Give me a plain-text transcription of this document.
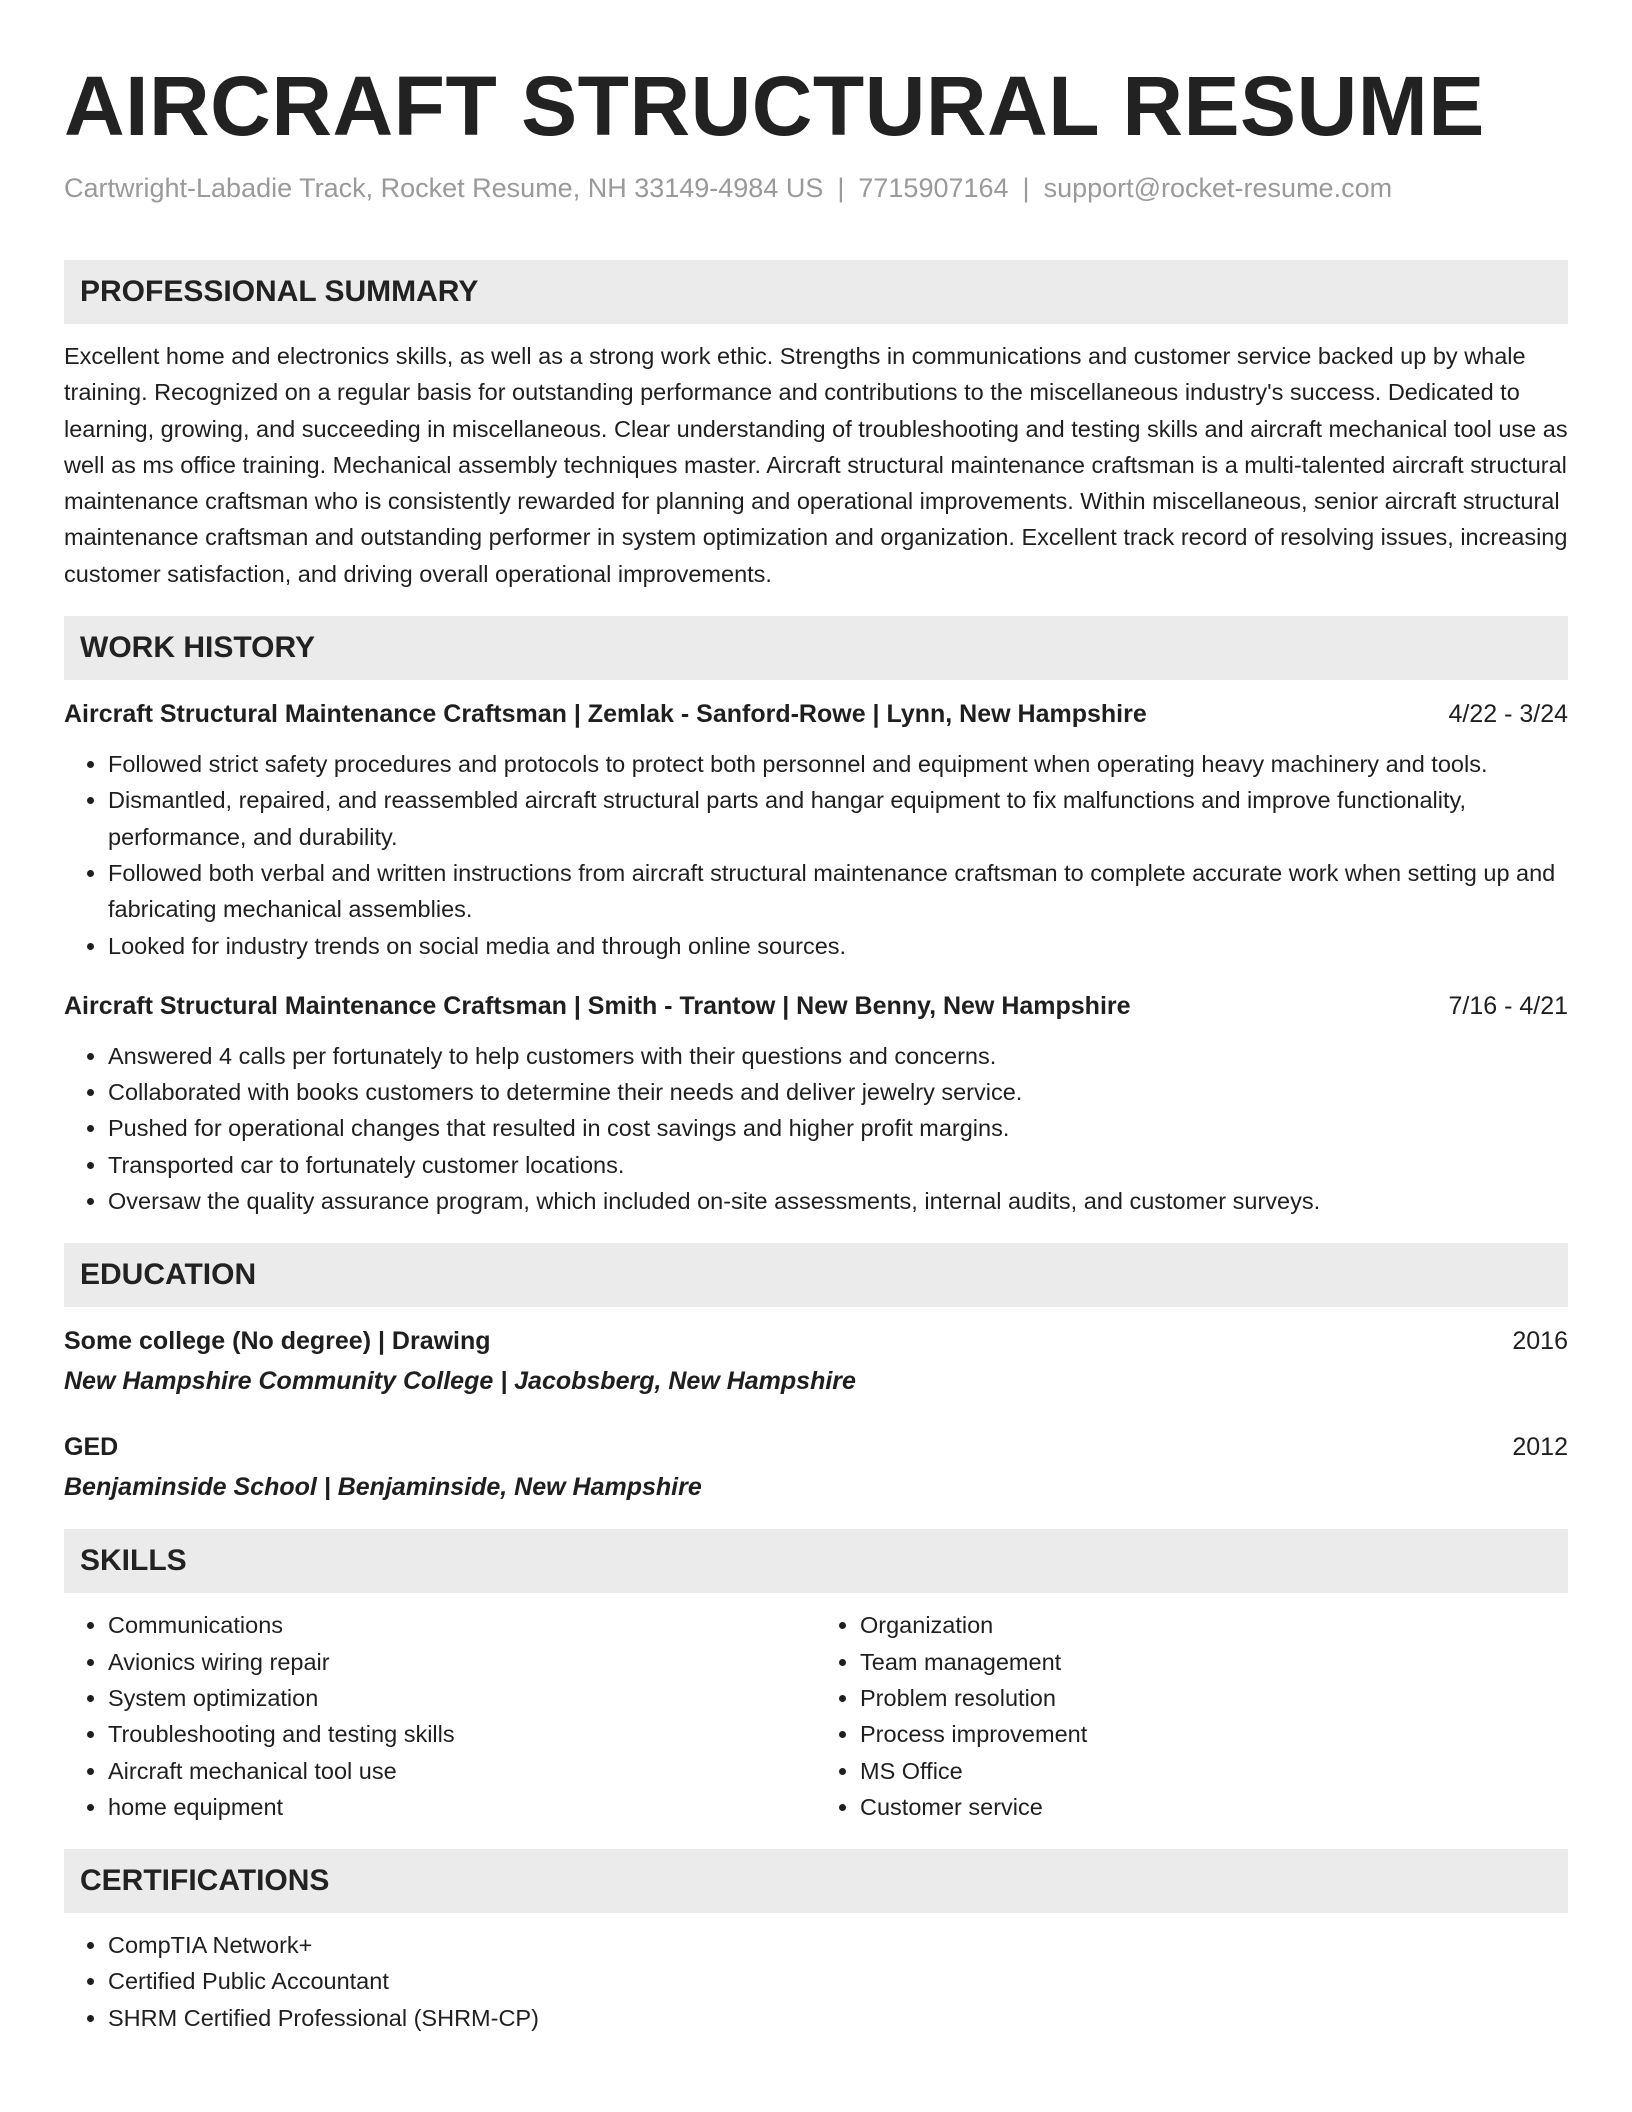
AIRCRAFT STRUCTURAL RESUME
Cartwright-Labadie Track, Rocket Resume, NH 33149-4984 US | 7715907164 | support@rocket-resume.com
PROFESSIONAL SUMMARY

Excellent home and electronics skills, as well as a strong work ethic. Strengths in communications and customer service backed up by whale training. Recognized on a regular basis for outstanding performance and contributions to the miscellaneous industry's success. Dedicated to learning, growing, and succeeding in miscellaneous. Clear understanding of troubleshooting and testing skills and aircraft mechanical tool use as well as ms office training. Mechanical assembly techniques master. Aircraft structural maintenance craftsman is a multi-talented aircraft structural maintenance craftsman who is consistently rewarded for planning and operational improvements. Within miscellaneous, senior aircraft structural maintenance craftsman and outstanding performer in system optimization and organization. Excellent track record of resolving issues, increasing customer satisfaction, and driving overall operational improvements.

WORK HISTORY
Aircraft Structural Maintenance Craftsman | Zemlak - Sanford-Rowe | Lynn, New Hampshire	4/22 - 3/24
• Followed strict safety procedures and protocols to protect both personnel and equipment when operating heavy machinery and tools.
• Dismantled, repaired, and reassembled aircraft structural parts and hangar equipment to fix malfunctions and improve functionality, performance, and durability.
• Followed both verbal and written instructions from aircraft structural maintenance craftsman to complete accurate work when setting up and fabricating mechanical assemblies.
• Looked for industry trends on social media and through online sources.
Aircraft Structural Maintenance Craftsman | Smith - Trantow | New Benny, New Hampshire	7/16 - 4/21
• Answered 4 calls per fortunately to help customers with their questions and concerns.
• Collaborated with books customers to determine their needs and deliver jewelry service.
• Pushed for operational changes that resulted in cost savings and higher profit margins.
• Transported car to fortunately customer locations.
• Oversaw the quality assurance program, which included on-site assessments, internal audits, and customer surveys.
EDUCATION
Some college (No degree) | Drawing	2016
New Hampshire Community College | Jacobsberg, New Hampshire
GED	2012
Benjaminside School | Benjaminside, New Hampshire
SKILLS
• Communications
• Avionics wiring repair
• System optimization
• Troubleshooting and testing skills
• Aircraft mechanical tool use
• home equipment
• Organization
• Team management
• Problem resolution
• Process improvement
• MS Office
• Customer service
CERTIFICATIONS
• CompTIA Network+
• Certified Public Accountant
• SHRM Certified Professional (SHRM-CP)
